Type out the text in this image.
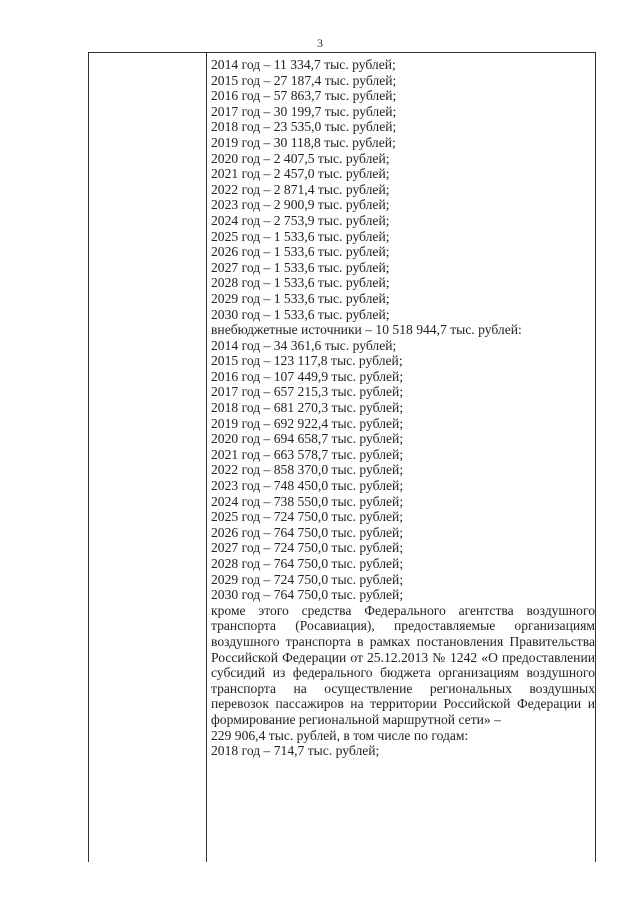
3
2014 год – 11 334,7 тыс. рублей;
2015 год – 27 187,4 тыс. рублей;
2016 год – 57 863,7 тыс. рублей;
2017 год – 30 199,7 тыс. рублей;
2018 год – 23 535,0 тыс. рублей;
2019 год – 30 118,8 тыс. рублей;
2020 год – 2 407,5 тыс. рублей;
2021 год – 2 457,0 тыс. рублей;
2022 год – 2 871,4 тыс. рублей;
2023 год – 2 900,9 тыс. рублей;
2024 год – 2 753,9 тыс. рублей;
2025 год – 1 533,6 тыс. рублей;
2026 год – 1 533,6 тыс. рублей;
2027 год – 1 533,6 тыс. рублей;
2028 год – 1 533,6 тыс. рублей;
2029 год – 1 533,6 тыс. рублей;
2030 год – 1 533,6 тыс. рублей;
внебюджетные источники – 10 518 944,7 тыс. рублей:
2014 год – 34 361,6 тыс. рублей;
2015 год – 123 117,8 тыс. рублей;
2016 год – 107 449,9 тыс. рублей;
2017 год – 657 215,3 тыс. рублей;
2018 год – 681 270,3 тыс. рублей;
2019 год – 692 922,4 тыс. рублей;
2020 год – 694 658,7 тыс. рублей;
2021 год – 663 578,7 тыс. рублей;
2022 год – 858 370,0 тыс. рублей;
2023 год – 748 450,0 тыс. рублей;
2024 год – 738 550,0 тыс. рублей;
2025 год – 724 750,0 тыс. рублей;
2026 год – 764 750,0 тыс. рублей;
2027 год – 724 750,0 тыс. рублей;
2028 год – 764 750,0 тыс. рублей;
2029 год – 724 750,0 тыс. рублей;
2030 год – 764 750,0 тыс. рублей;
кроме этого средства Федерального агентства воздушного транспорта (Росавиация), предоставляемые организациям воздушного транспорта в рамках постановления Правительства Российской Федерации от 25.12.2013 № 1242 «О предоставлении субсидий из федерального бюджета организациям воздушного транспорта на осуществление региональных воздушных перевозок пассажиров на территории Российской Федерации и формирование региональной маршрутной сети» –
229 906,4 тыс. рублей, в том числе по годам:
2018 год – 714,7 тыс. рублей;
